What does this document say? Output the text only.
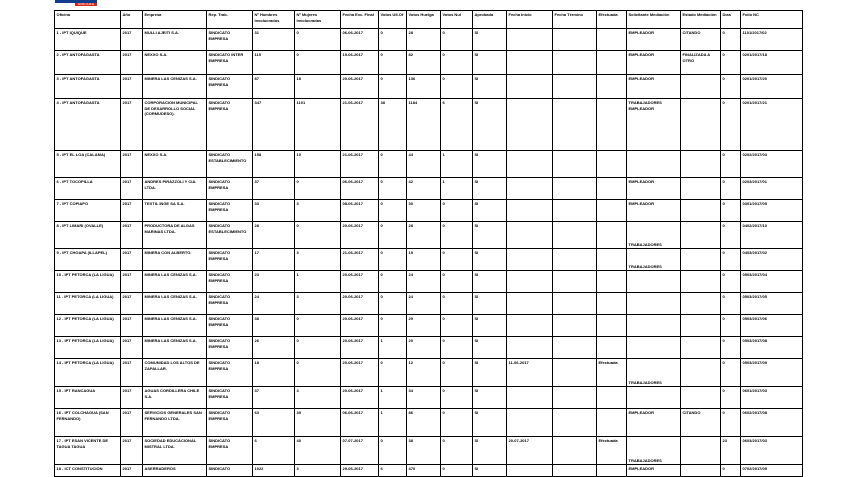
GOB.CHILE
Oficina	Año	Empresa	Rep. Trab.	Nº Hombres Involucrados	Nº Mujeres Involucradas	Fecha Exc. Final	Votos Ult.Of	Votos Huelga	Votos Nul	Aprobada	Fecha Inicio	Fecha Término	Efectuada	Solicitante Mediación	Estado Mediación	Días	Folio NC
1 - IPT IQUIQUE	2017	MULLI AJEITI S.A.	SINDICATO EMPRESA	31	0	06-06-2017	0	28	0	SI				EMPLEADOR	CITANDO	0	1101/2017/02
2 - IPT ANTOFAGASTA	2017	NEXXO S.A.	SINDICATO INTER EMPRESA	115	0	19-06-2017	0	82	0	SI				EMPLEADOR	FINALIZADA A OTRO	0	0201/2017/18
3 - IPT ANTOFAGASTA	2017	MINERA LAS CENIZAS S.A.	SINDICATO EMPRESA	87	18	20-06-2017	0	136	0	SI				EMPLEADOR		0	0201/2017/20
4 - IPT ANTOFAGASTA	2017	CORPORACION MUNICIPAL DE DESARROLLO SOCIAL (CORMUDESO).	SINDICATO EMPRESA	347	1101	21-06-2017	38	1184	6	SI				TRABAJADORES EMPLEADOR		0	0201/2017/21
5 - IPT EL LOA (CALAMA)	2017	NEXXO S.A.	SINDICATO ESTABLECIMIENTO	158	10	21-06-2017	0	44	1	SI						0	0202/2017/03
6 - IPT TOCOPILLA	2017	ANDRES PIRAZZOLI Y CIA. LTDA.	SINDICATO EMPRESA	37	0	06-06-2017	0	42	1	SI				EMPLEADOR		0	0203/2017/01
7 - IPT COPIAPO	2017	TEXTIL INGE SA S.A.	SINDICATO EMPRESA	33	3	08-06-2017	0	30	0	SI				EMPLEADOR		0	0301/2017/05
8 - IPT LIMARI (OVALLE)	2017	PRODUCTORA DE ALGAS MARINAS LTDA.	SINDICATO ESTABLECIMIENTO	28	0	20-06-2017	0	28	0	SI				TRABAJADORES		0	0402/2017/10
9 - IPT CHOAPA (ILLAPEL)	2017	MINERA CON ALBERTO.	SINDICATO EMPRESA	17	3	21-06-2017	0	19	0	SI				TRABAJADORES		0	0403/2017/02
10 - IPT PETORCA (LA LIGUA)	2017	MINERA LAS CENIZAS S.A.	SINDICATO EMPRESA	23	1	20-06-2017	0	24	0	SI						0	0503/2017/04
11 - IPT PETORCA (LA LIGUA)	2017	MINERA LAS CENIZAS S.A.	SINDICATO EMPRESA	24	3	20-06-2017	0	24	0	SI						0	0503/2017/05
12 - IPT PETORCA (LA LIGUA)	2017	MINERA LAS CENIZAS S.A.	SINDICATO EMPRESA	38	0	20-06-2017	0	29	0	SI						0	0503/2017/06
13 - IPT PETORCA (LA LIGUA)	2017	MINERA LAS CENIZAS S.A.	SINDICATO EMPRESA	26	0	20-06-2017	1	20	0	SI						0	0503/2017/08
14 - IPT PETORCA (LA LIGUA)	2017	COMUNIDAD LOS ALTOS DE ZAPALLAR.	SINDICATO EMPRESA	18	0	20-06-2017	0	12	0	SI	11-06-2017		Efectuada	TRABAJADORES		0	0503/2017/09
15 - IPT RANCAGUA	2017	AGUAS CORDILLERA CHILE S.A.	SINDICATO EMPRESA	37	3	20-06-2017	1	34	0	SI						0	0601/2017/03
16 - IPT COLCHAGUA (SAN FERNANDO)	2017	SERVICIOS GENERALES SAN FERNANDO LTDA.	SINDICATO EMPRESA	63	39	06-06-2017	1	86	0	SI				EMPLEADOR	CITANDO	0	0602/2017/08
17 - IPT ESAN VICENTE DE TAGUA TAGUA	2017	SOCIEDAD EDUCACIONAL MISTRAL LTDA.	SINDICATO EMPRESA	6	40	07-07-2017	0	38	0	SI	20-07-2017		Efectuada	TRABAJADORES		23	0603/2017/03
18 - ICT CONSTITUCION	2017	ASERRADEROS	SINDICATO	1022	3	29-06-2017	6	470	0	SI				EMPLEADOR		0	0702/2017/05
